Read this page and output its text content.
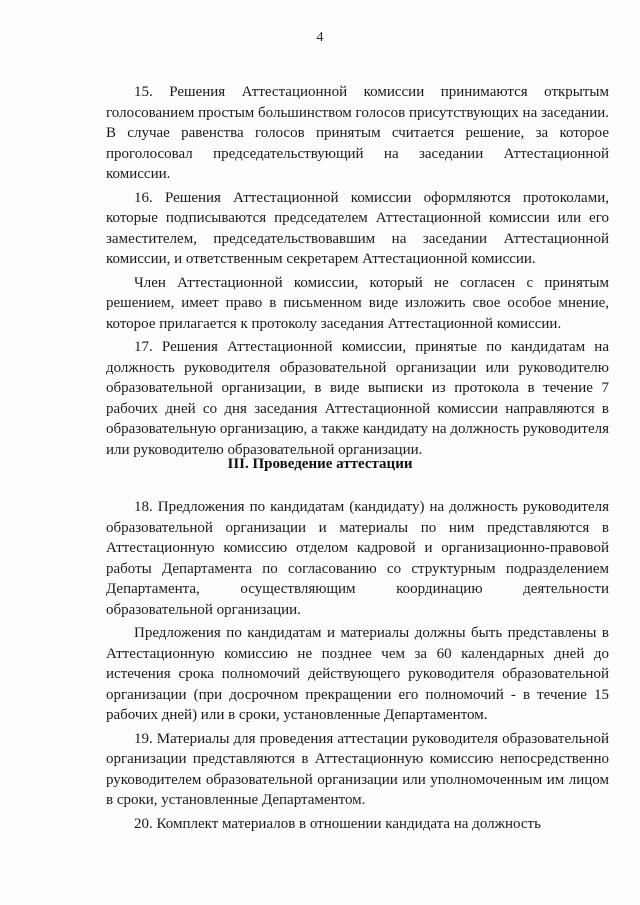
4

15. Решения Аттестационной комиссии принимаются открытым голосованием простым большинством голосов присутствующих на заседании. В случае равенства голосов принятым считается решение, за которое проголосовал председательствующий на заседании Аттестационной комиссии.

16. Решения Аттестационной комиссии оформляются протоколами, которые подписываются председателем Аттестационной комиссии или его заместителем, председательствовавшим на заседании Аттестационной комиссии, и ответственным секретарем Аттестационной комиссии.

Член Аттестационной комиссии, который не согласен с принятым решением, имеет право в письменном виде изложить свое особое мнение, которое прилагается к протоколу заседания Аттестационной комиссии.

17. Решения Аттестационной комиссии, принятые по кандидатам на должность руководителя образовательной организации или руководителю образовательной организации, в виде выписки из протокола в течение 7 рабочих дней со дня заседания Аттестационной комиссии направляются в образовательную организацию, а также кандидату на должность руководителя или руководителю образовательной организации.

III. Проведение аттестации

18. Предложения по кандидатам (кандидату) на должность руководителя образовательной организации и материалы по ним представляются в Аттестационную комиссию отделом кадровой и организационно-правовой работы Департамента по согласованию со структурным подразделением Департамента, осуществляющим координацию деятельности образовательной организации.

Предложения по кандидатам и материалы должны быть представлены в Аттестационную комиссию не позднее чем за 60 календарных дней до истечения срока полномочий действующего руководителя образовательной организации (при досрочном прекращении его полномочий - в течение 15 рабочих дней) или в сроки, установленные Департаментом.

19. Материалы для проведения аттестации руководителя образовательной организации представляются в Аттестационную комиссию непосредственно руководителем образовательной организации или уполномоченным им лицом в сроки, установленные Департаментом.

20. Комплект материалов в отношении кандидата на должность
